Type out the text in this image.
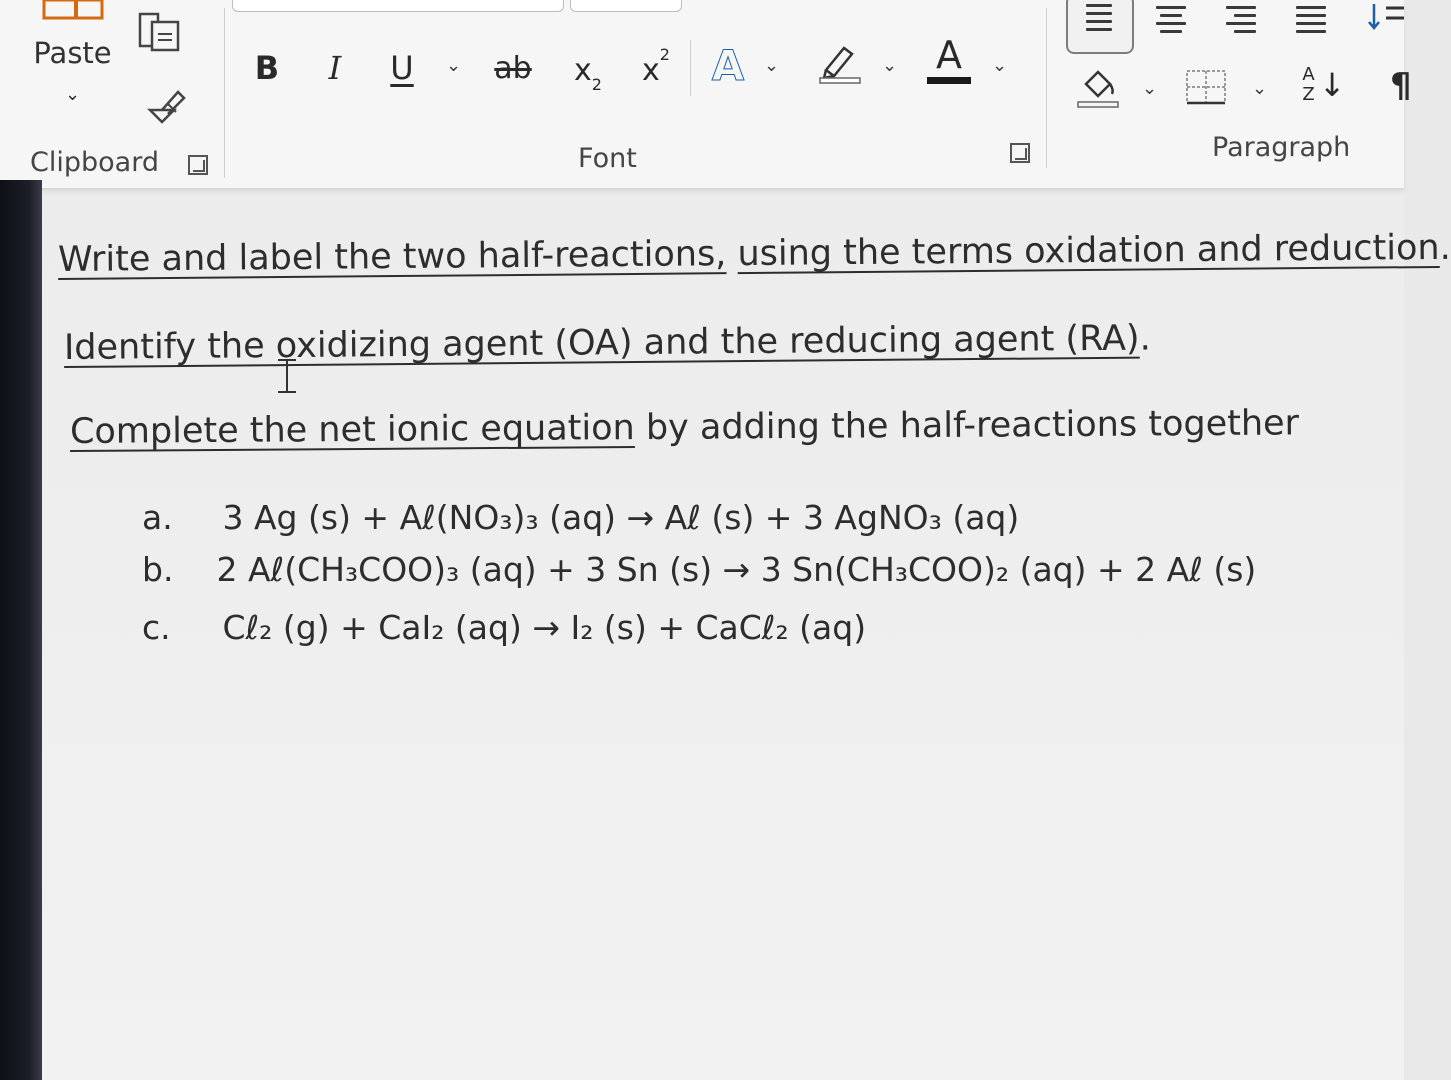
Paste
⌄
Clipboard
B I U ⌄ ab x 2 x 2 A	⌄	⌄ A ⌄
Font
⌄	⌄
A
Z ↓ ¶
Paragraph
Write and label the two half-reactions, using the terms oxidation and reduction.
Identify the oxidizing agent (OA) and the reducing agent (RA).
Complete the net ionic equation by adding the half-reactions together
a. 3 Ag (s) + Aℓ(NO₃)₃ (aq) → Aℓ (s) + 3 AgNO₃ (aq)
b. 2 Aℓ(CH₃COO)₃ (aq) + 3 Sn (s) → 3 Sn(CH₃COO)₂ (aq) + 2 Aℓ (s)
c. Cℓ₂ (g) + CaI₂ (aq) → I₂ (s) + CaCℓ₂ (aq)
